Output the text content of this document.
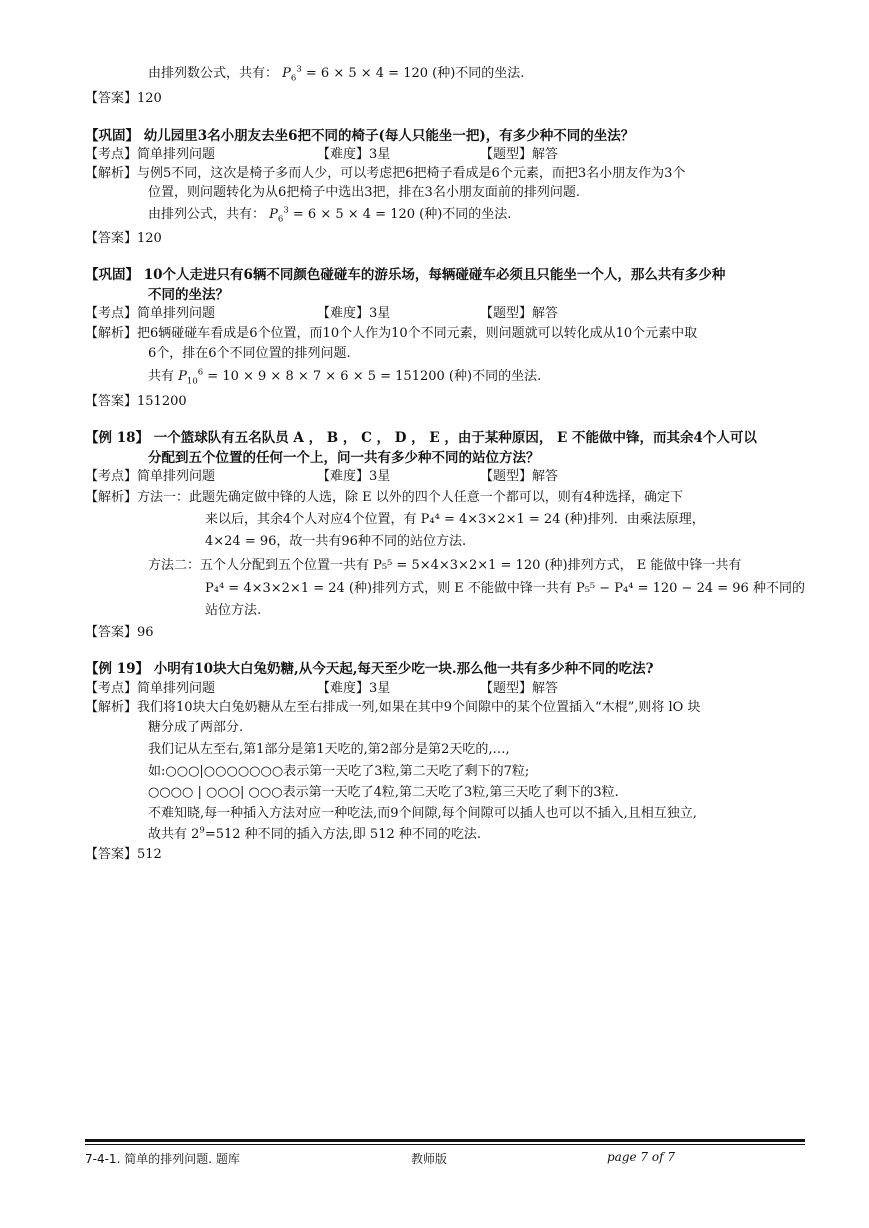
由排列数公式，共有： $P_6^3 = 6 \times 5 \times 4 = 120$ (种)不同的坐法.
【答案】120
【巩固】 幼儿园里3名小朋友去坐6把不同的椅子(每人只能坐一把)，有多少种不同的坐法？
【考点】简单排列问题	【难度】3星	【题型】解答
【解析】与例5不同，这次是椅子多而人少，可以考虑把6把椅子看成是6个元素，而把3名小朋友作为3个
位置，则问题转化为从6把椅子中选出3把，排在3名小朋友面前的排列问题.
由排列公式，共有： $P_6^3 = 6 \times 5 \times 4 = 120$ (种)不同的坐法.
【答案】120
【巩固】 10个人走进只有6辆不同颜色碰碰车的游乐场，每辆碰碰车必须且只能坐一个人，那么共有多少种
不同的坐法？
【考点】简单排列问题	【难度】3星	【题型】解答
【解析】把6辆碰碰车看成是6个位置，而10个人作为10个不同元素，则问题就可以转化成从10个元素中取
6个，排在6个不同位置的排列问题.
共有 $P_{10}^6 = 10 \times 9 \times 8 \times 7 \times 6 \times 5 = 151200$ (种)不同的坐法.
【答案】151200
【例 18】 一个篮球队有五名队员 A ， B ， C ， D ， E ，由于某种原因， E 不能做中锋，而其余4个人可以
分配到五个位置的任何一个上，问一共有多少种不同的站位方法？
【考点】简单排列问题	【难度】3星	【题型】解答
【解析】方法一：此题先确定做中锋的人选，除 E 以外的四个人任意一个都可以，则有4种选择，确定下
来以后，其余4个人对应4个位置，有 P₄⁴ = 4×3×2×1 = 24 (种)排列．由乘法原理，
4×24 = 96，故一共有96种不同的站位方法.
方法二：五个人分配到五个位置一共有 P₅⁵ = 5×4×3×2×1 = 120 (种)排列方式， E 能做中锋一共有
P₄⁴ = 4×3×2×1 = 24 (种)排列方式，则 E 不能做中锋一共有 P₅⁵ − P₄⁴ = 120 − 24 = 96 种不同的
站位方法.
【答案】96
【例 19】 小明有10块大白兔奶糖,从今天起,每天至少吃一块.那么他一共有多少种不同的吃法?
【考点】简单排列问题	【难度】3星	【题型】解答
【解析】我们将10块大白兔奶糖从左至右排成一列,如果在其中9个间隙中的某个位置插入“木棍”,则将 lO 块
糖分成了两部分.
我们记从左至右,第1部分是第1天吃的,第2部分是第2天吃的,…,
如:○○○|○○○○○○○表示第一天吃了3粒,第二天吃了剩下的7粒;
○○○○ | ○○○| ○○○表示第一天吃了4粒,第二天吃了3粒,第三天吃了剩下的3粒.
不难知晓,每一种插入方法对应一种吃法,而9个间隙,每个间隙可以插人也可以不插入,且相互独立,
故共有 $2^9=512$ 种不同的插入方法,即 512 种不同的吃法.
【答案】512
7-4-1. 简单的排列问题. 题库	教师版	page 7 of 7
